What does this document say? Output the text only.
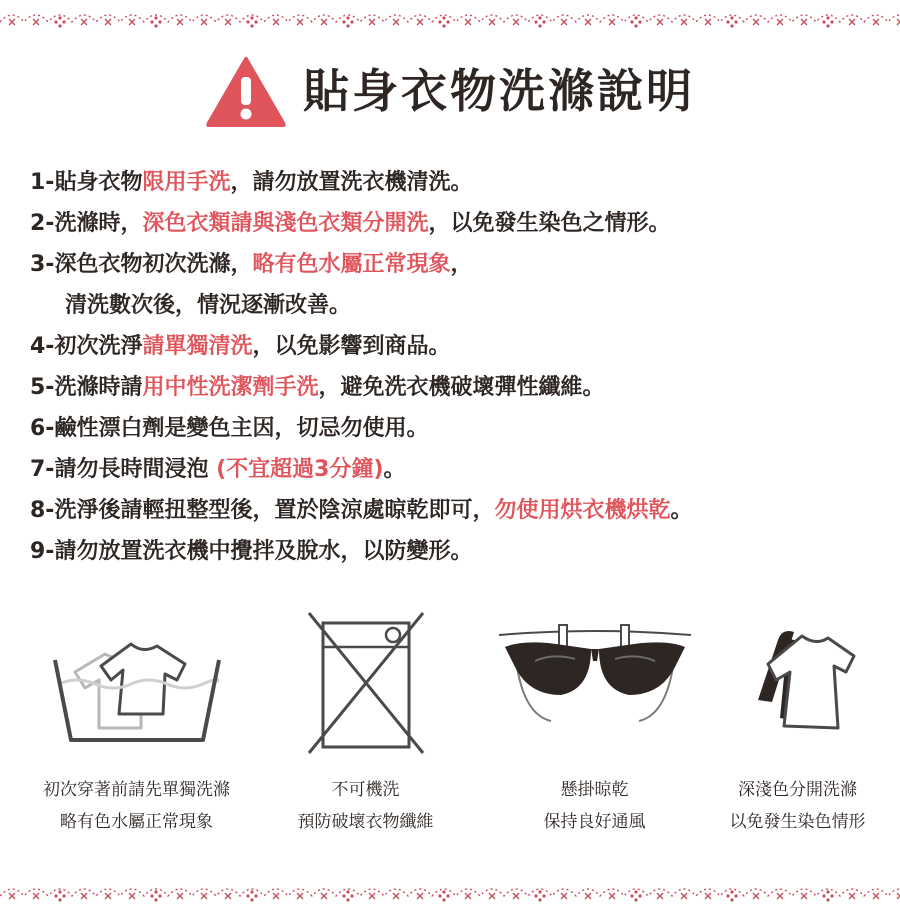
貼身衣物洗滌說明
1-貼身衣物限用手洗，請勿放置洗衣機清洗。
2-洗滌時，深色衣類請與淺色衣類分開洗，以免發生染色之情形。
3-深色衣物初次洗滌，略有色水屬正常現象，
清洗數次後，情況逐漸改善。
4-初次洗淨請單獨清洗，以免影響到商品。
5-洗滌時請用中性洗潔劑手洗，避免洗衣機破壞彈性纖維。
6-鹼性漂白劑是變色主因，切忌勿使用。
7-請勿長時間浸泡 (不宜超過3分鐘)。
8-洗淨後請輕扭整型後，置於陰涼處晾乾即可，勿使用烘衣機烘乾。
9-請勿放置洗衣機中攪拌及脫水，以防變形。
初次穿著前請先單獨洗滌
略有色水屬正常現象
不可機洗
預防破壞衣物纖維
懸掛晾乾
保持良好通風
深淺色分開洗滌
以免發生染色情形
